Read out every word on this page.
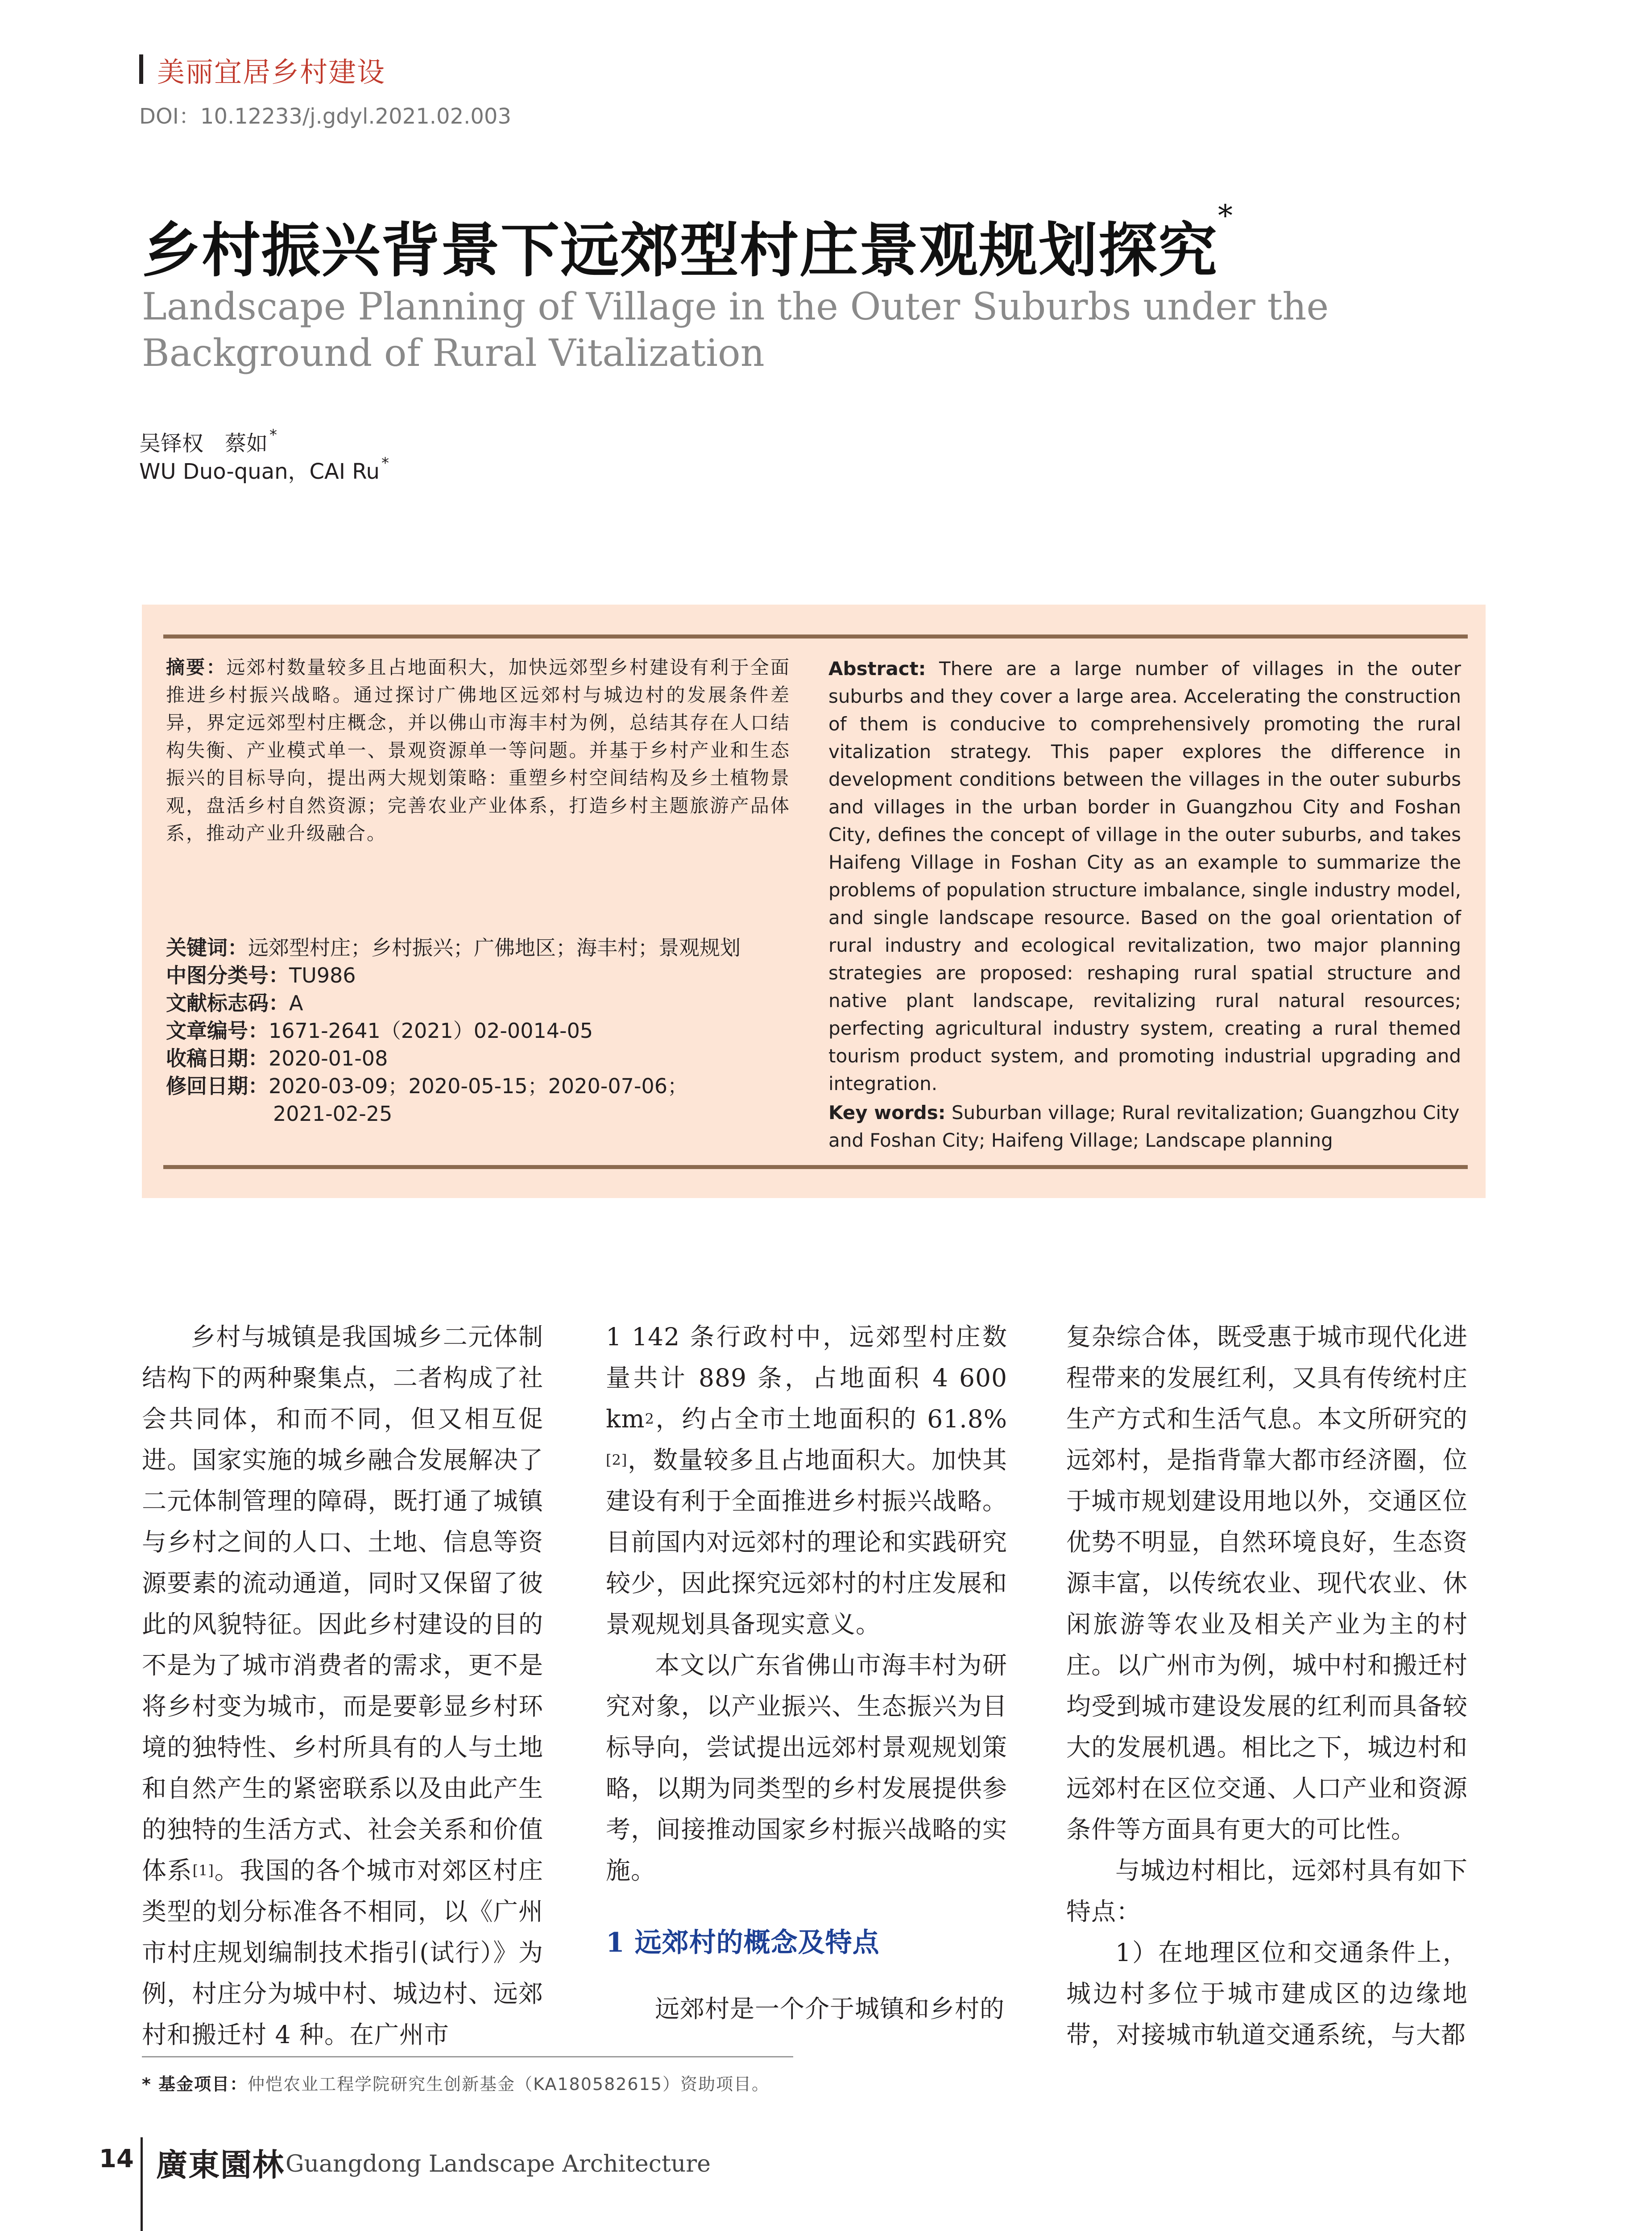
美丽宜居乡村建设
DOI：10.12233/j.gdyl.2021.02.003
乡村振兴背景下远郊型村庄景观规划探究*
Landscape Planning of Village in the Outer Suburbs under the Background of Rural Vitalization
吴铎权　蔡如 *
WU Duo-quan，CAI Ru *
摘要：远郊村数量较多且占地面积大，加快远郊型乡村建设有利于全面推进乡村振兴战略。通过探讨广佛地区远郊村与城边村的发展条件差异，界定远郊型村庄概念，并以佛山市海丰村为例，总结其存在人口结构失衡、产业模式单一、景观资源单一等问题。并基于乡村产业和生态振兴的目标导向，提出两大规划策略：重塑乡村空间结构及乡土植物景观，盘活乡村自然资源；完善农业产业体系，打造乡村主题旅游产品体系，推动产业升级融合。
关键词：远郊型村庄；乡村振兴；广佛地区；海丰村；景观规划
中图分类号：TU986
文献标志码：A
文章编号：1671-2641（2021）02-0014-05
收稿日期：2020-01-08
修回日期：2020-03-09；2020-05-15；2020-07-06；
2021-02-25
Abstract: There are a large number of villages in the outer suburbs and they cover a large area. Accelerating the construction of them is conducive to comprehensively promoting the rural vitalization strategy. This paper explores the difference in development conditions between the villages in the outer suburbs and villages in the urban border in Guangzhou City and Foshan City, defines the concept of village in the outer suburbs, and takes Haifeng Village in Foshan City as an example to summarize the problems of population structure imbalance, single industry model, and single landscape resource. Based on the goal orientation of rural industry and ecological revitalization, two major planning strategies are proposed: reshaping rural spatial structure and native plant landscape, revitalizing rural natural resources; perfecting agricultural industry system, creating a rural themed tourism product system, and promoting industrial upgrading and integration.
Key words: Suburban village; Rural revitalization; Guangzhou City and Foshan City; Haifeng Village; Landscape planning

乡村与城镇是我国城乡二元体制结构下的两种聚集点，二者构成了社会共同体，和而不同，但又相互促进。国家实施的城乡融合发展解决了二元体制管理的障碍，既打通了城镇与乡村之间的人口、土地、信息等资源要素的流动通道，同时又保留了彼此的风貌特征。因此乡村建设的目的不是为了城市消费者的需求，更不是将乡村变为城市，而是要彰显乡村环境的独特性、乡村所具有的人与土地和自然产生的紧密联系以及由此产生的独特的生活方式、社会关系和价值体系[1]。我国的各个城市对郊区村庄类型的划分标准各不相同，以《广州市村庄规划编制技术指引(试行）》为例，村庄分为城中村、城边村、远郊村和搬迁村 4 种。在广州市

1 142 条行政村中，远郊型村庄数量共计 889 条，占地面积 4 600 km$^2$，约占全市土地面积的 61.8%[2]，数量较多且占地面积大。加快其建设有利于全面推进乡村振兴战略。目前国内对远郊村的理论和实践研究较少，因此探究远郊村的村庄发展和景观规划具备现实意义。

本文以广东省佛山市海丰村为研究对象，以产业振兴、生态振兴为目标导向，尝试提出远郊村景观规划策略，以期为同类型的乡村发展提供参考，间接推动国家乡村振兴战略的实施。

1 远郊村的概念及特点

远郊村是一个介于城镇和乡村的

复杂综合体，既受惠于城市现代化进程带来的发展红利，又具有传统村庄生产方式和生活气息。本文所研究的远郊村，是指背靠大都市经济圈，位于城市规划建设用地以外，交通区位优势不明显，自然环境良好，生态资源丰富，以传统农业、现代农业、休闲旅游等农业及相关产业为主的村庄。以广州市为例，城中村和搬迁村均受到城市建设发展的红利而具备较大的发展机遇。相比之下，城边村和远郊村在区位交通、人口产业和资源条件等方面具有更大的可比性。

与城边村相比，远郊村具有如下特点：

1）在地理区位和交通条件上，城边村多位于城市建成区的边缘地带，对接城市轨道交通系统，与大都

* 基金项目：仲恺农业工程学院研究生创新基金（KA180582615）资助项目。
14 廣東園林 Guangdong Landscape Architecture
